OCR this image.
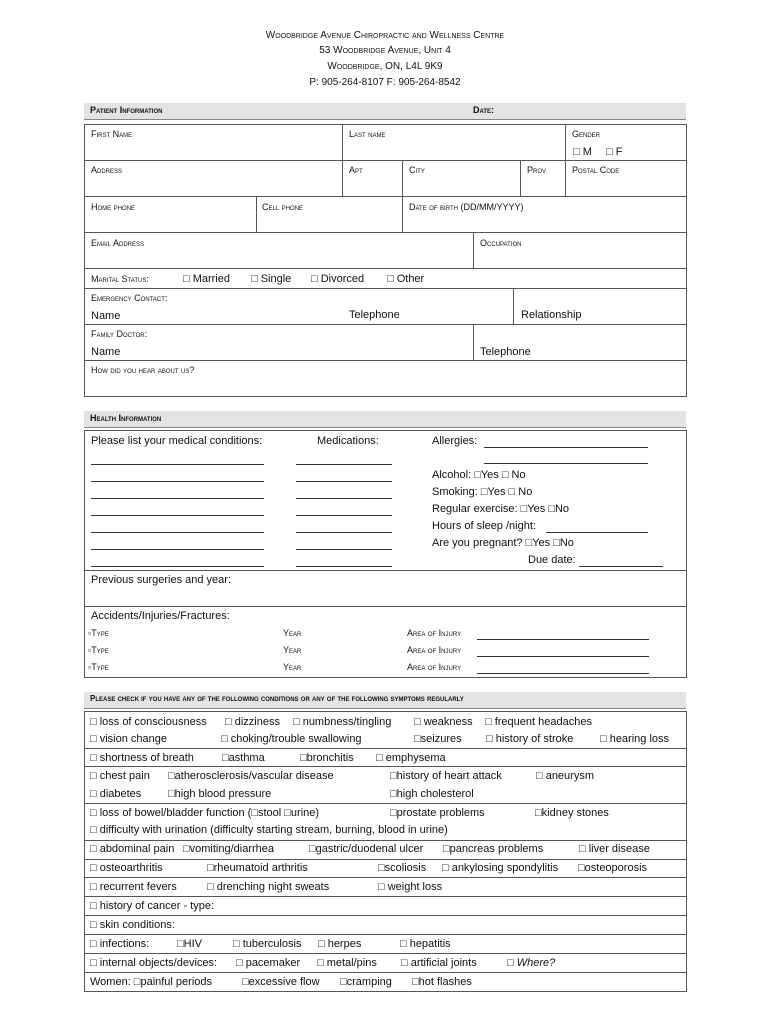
Woodbridge Avenue Chiropractic and Wellness Centre
53 Woodbridge Avenue, Unit 4
Woodbridge, ON, L4L 9K9
P: 905-264-8107 F: 905-264-8542
Patient Information	Date:
First Name	Last name	Gender
□ M □ F
Address	Apt	City	Prov	Postal Code
Home phone	Cell phone	Date of birth (DD/MM/YYYY)
Email Address	Occupation
Marital Status:	□ Married □ Single □ Divorced □ Other
Emergency Contact:
Name	Telephone	Relationship
Family Doctor:
Name	Telephone
How did you hear about us?
Health Information
Please list your medical conditions:	Medications:	Allergies:
Alcohol: □Yes □ No
Smoking: □Yes □ No
Regular exercise: □Yes □No
Hours of sleep /night:
Are you pregnant? □Yes □No
Due date:
Previous surgeries and year:
Accidents/Injuries/Fractures:
▫Type	Year	Area of Injury
▫Type	Year	Area of Injury
▫Type	Year	Area of Injury
Please check if you have any of the following conditions or any of the following symptoms regularly
□ loss of consciousness □ dizziness □ numbness/tingling □ weakness □ frequent headaches
□ vision change	□ choking/trouble swallowing	□seizures □ history of stroke □ hearing loss
□ shortness of breath	□asthma	□bronchitis □ emphysema
□ chest pain □atherosclerosis/vascular disease	□history of heart attack	□ aneurysm
□ diabetes □high blood pressure	□high cholesterol
□ loss of bowel/bladder function (□stool □urine)	□prostate problems	□kidney stones
□ difficulty with urination (difficulty starting stream, burning, blood in urine)
□ abdominal pain □vomiting/diarrhea	□gastric/duodenal ulcer □pancreas problems	□ liver disease
□ osteoarthritis	□rheumatoid arthritis	□scoliosis □ ankylosing spondylitis □osteoporosis
□ recurrent fevers	□ drenching night sweats	□ weight loss
□ history of cancer - type:
□ skin conditions:
□ infections:	□HIV	□ tuberculosis □ herpes	□ hepatitis
□ internal objects/devices: □ pacemaker □ metal/pins □ artificial joints	□ Where?
Women: □painful periods	□excessive flow □cramping □hot flashes
